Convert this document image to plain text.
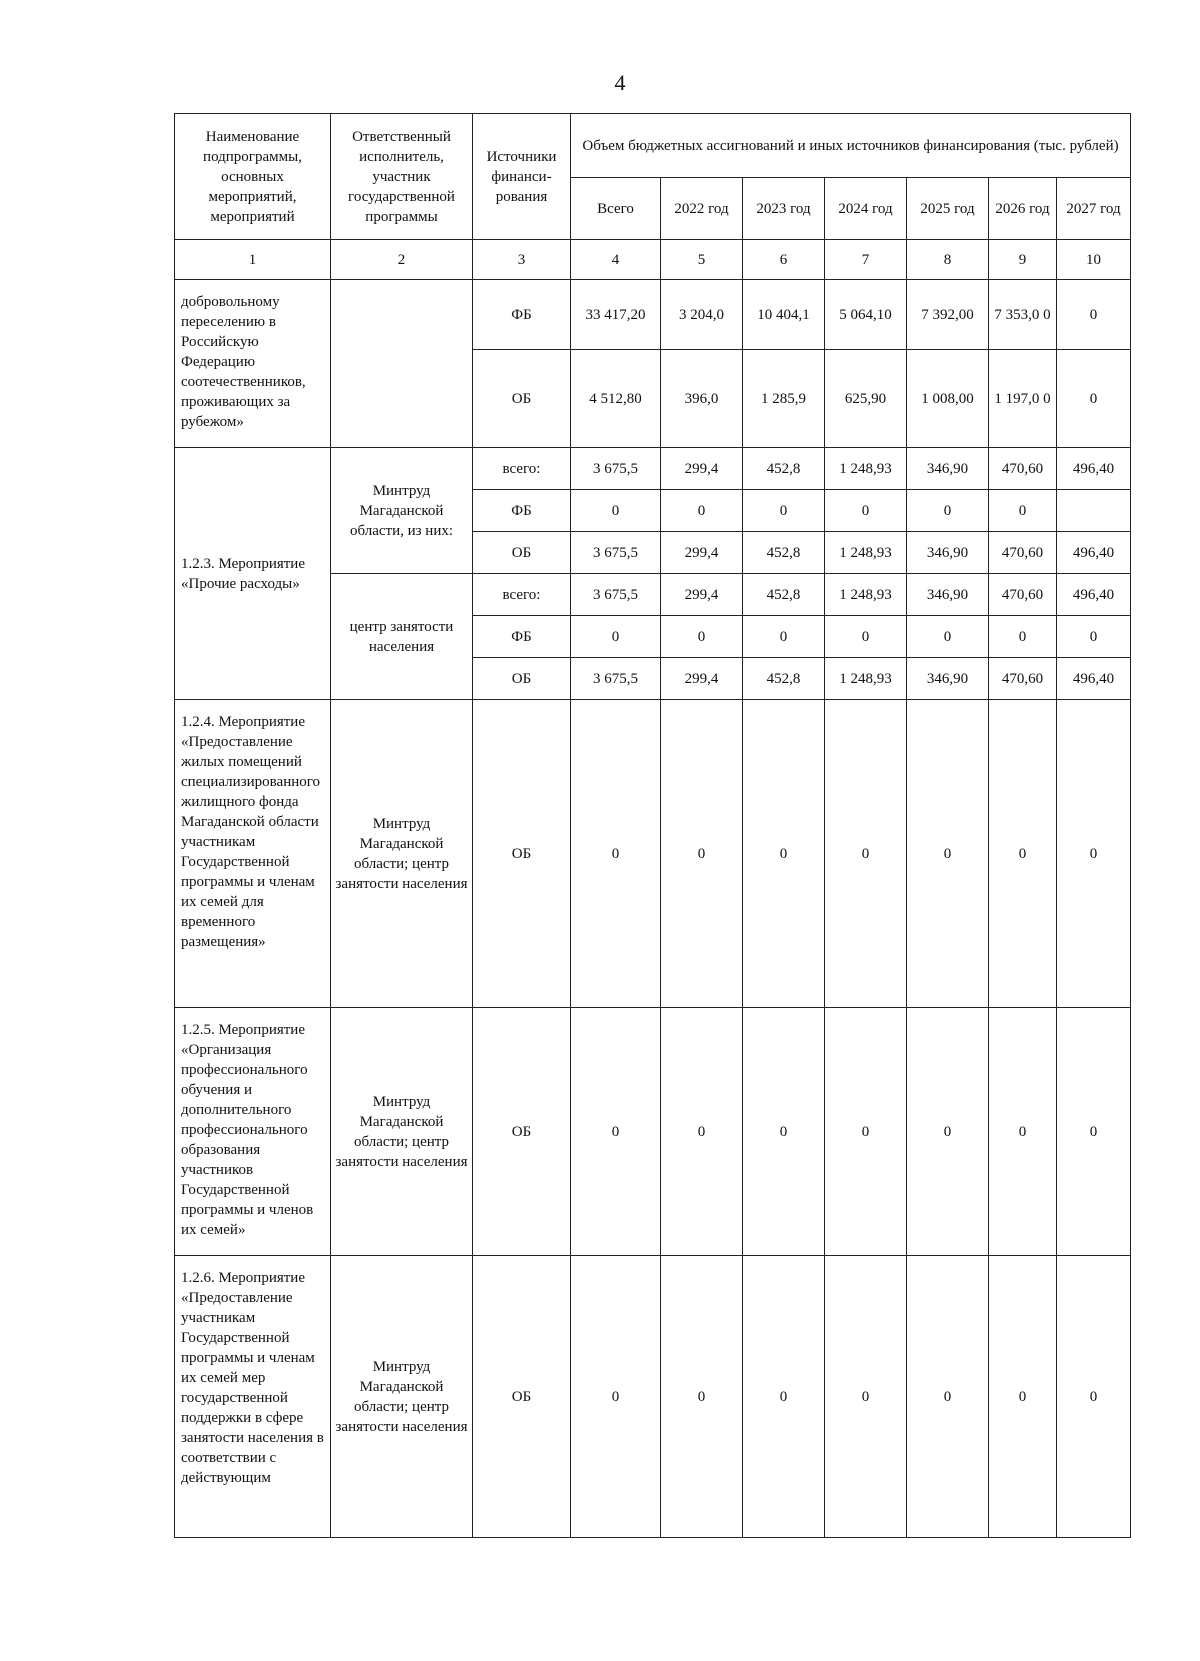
4
Наименование подпрограммы, основных мероприятий, мероприятий	Ответственный исполнитель, участник государственной программы	Источники финанси-рования	Объем бюджетных ассигнований и иных источников финансирования (тыс. рублей)						
			Всего	2022 год	2023 год	2024 год	2025 год	2026 год	2027 год
1	2	3	4	5	6	7	8	9	10
добровольному переселению в Российскую Федерацию соотечественников, проживающих за рубежом»		ФБ	33 417,20	3 204,0	10 404,1	5 064,10	7 392,00	7 353,0 0	0
		ОБ	4 512,80	396,0	1 285,9	625,90	1 008,00	1 197,0 0	0
1.2.3. Мероприятие «Прочие расходы»	Минтруд Магаданской области, из них:	всего:	3 675,5	299,4	452,8	1 248,93	346,90	470,60	496,40
		ФБ	0	0	0	0	0	0	
		ОБ	3 675,5	299,4	452,8	1 248,93	346,90	470,60	496,40
	центр занятости населения	всего:	3 675,5	299,4	452,8	1 248,93	346,90	470,60	496,40
		ФБ	0	0	0	0	0	0	0
		ОБ	3 675,5	299,4	452,8	1 248,93	346,90	470,60	496,40
1.2.4. Мероприятие «Предоставление жилых помещений специализированного жилищного фонда Магаданской области участникам Государственной программы и членам их семей для временного размещения»	Минтруд Магаданской области; центр занятости населения	ОБ	0	0	0	0	0	0	0
1.2.5. Мероприятие «Организация профессионального обучения и дополнительного профессионального образования участников Государственной программы и членов их семей»	Минтруд Магаданской области; центр занятости населения	ОБ	0	0	0	0	0	0	0
1.2.6. Мероприятие «Предоставление участникам Государственной программы и членам их семей мер государственной поддержки в сфере занятости населения в соответствии с действующим	Минтруд Магаданской области; центр занятости населения	ОБ	0	0	0	0	0	0	0
